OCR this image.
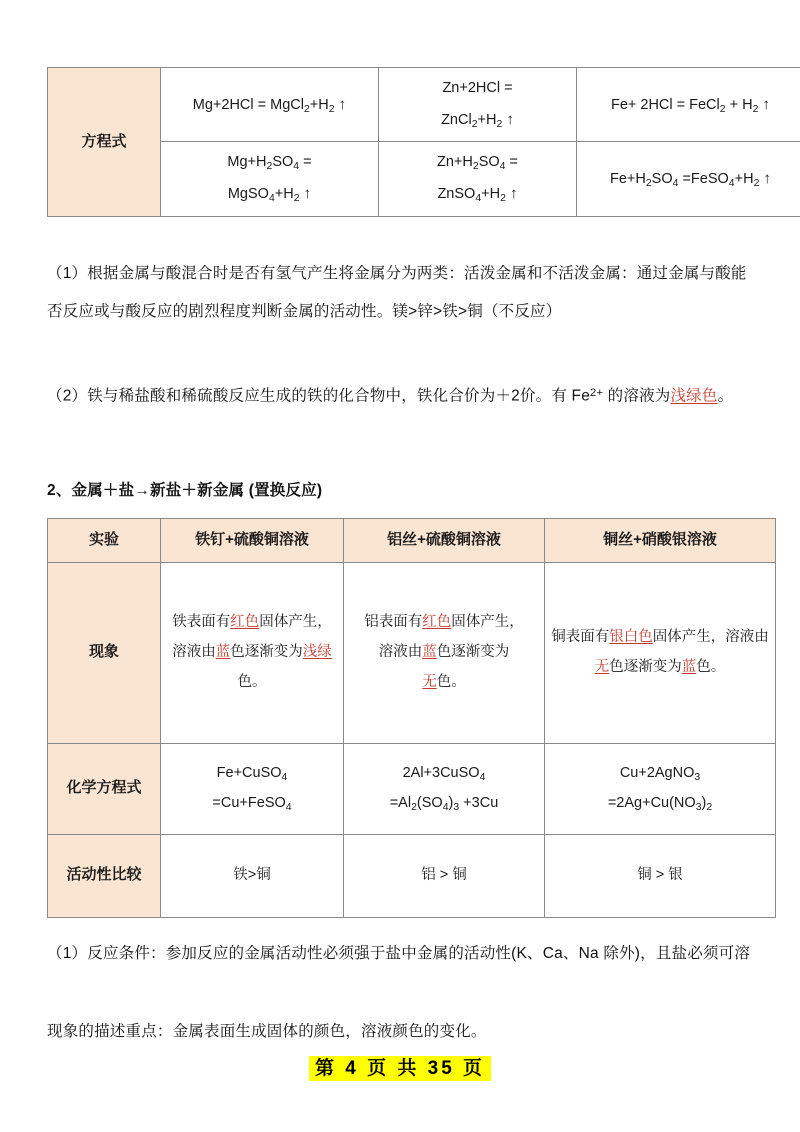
方程式	$Mg+2HCl = MgCl_2+H_2$ ↑	Zn+2HCl =
$ZnCl_2+H_2$ ↑	Fe+ 2HCl = FeCl$_2$ + $H_2$ ↑
	$Mg+H_2SO_4$ =
$MgSO_4+H_2$ ↑	$Zn+H_2SO_4$ =
$ZnSO_4+H_2$ ↑	$Fe+H_2SO_4$ $=FeSO_4+H_2$ ↑
（1）根据金属与酸混合时是否有氢气产生将金属分为两类：活泼金属和不活泼金属：通过金属与酸能否反应或与酸反应的剧烈程度判断金属的活动性。镁>锌>铁>铜（不反应）
（2）铁与稀盐酸和稀硫酸反应生成的铁的化合物中，铁化合价为＋2价。有 $Fe^{2+}$ 的溶液为浅绿色。
2、金属＋盐→新盐＋新金属 (置换反应)
实验	铁钉+硫酸铜溶液	铝丝+硫酸铜溶液	铜丝+硝酸银溶液
现象	铁表面有红色固体产生，溶液由蓝色逐渐变为浅绿色。	铝表面有红色固体产生，
溶液由蓝色逐渐变为
无色。	铜表面有银白色固体产生，溶液由无色逐渐变为蓝色。
化学方程式	Fe+CuSO$_4$
=Cu+FeSO$_4$	2Al+3CuSO$_4$
$=Al_2(SO_4)_3 +3Cu$	Cu+2AgNO$_3$
$=2Ag+Cu(NO_3)_2$
活动性比较	铁>铜	铝 > 铜	铜 > 银
（1）反应条件：参加反应的金属活动性必须强于盐中金属的活动性(K、Ca、Na 除外)，且盐必须可溶
现象的描述重点：金属表面生成固体的颜色，溶液颜色的变化。
第 4 页 共 35 页
